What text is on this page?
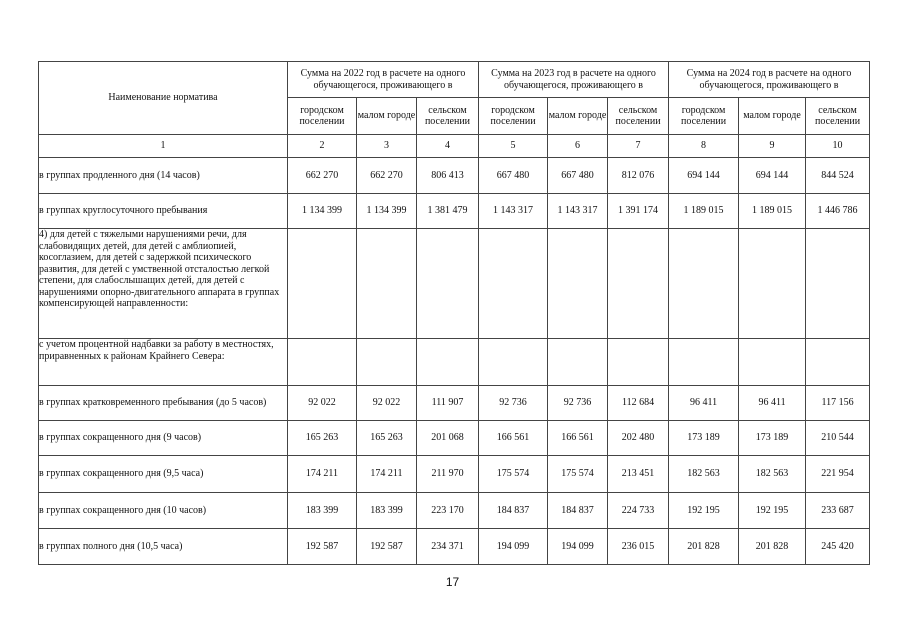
Наименование норматива	Сумма на 2022 год в расчете на одного обучающегося, проживающего в			Сумма на 2023 год в расчете на одного обучающегося, проживающего в			Сумма на 2024 год в расчете на одного обучающегося, проживающего в		
	городском поселении	малом городе	сельском поселении	городском поселении	малом городе	сельском поселении	городском поселении	малом городе	сельском поселении
1	2	3	4	5	6	7	8	9	10
в группах продленного дня (14 часов)	662 270	662 270	806 413	667 480	667 480	812 076	694 144	694 144	844 524
в группах круглосуточного пребывания	1 134 399	1 134 399	1 381 479	1 143 317	1 143 317	1 391 174	1 189 015	1 189 015	1 446 786
4) для детей с тяжелыми нарушениями речи, для слабовидящих детей, для детей с амблиопией, косоглазием, для детей с задержкой психического развития, для детей с умственной отсталостью легкой степени, для слабослышащих детей, для детей с нарушениями опорно-двигательного аппарата в группах компенсирующей направленности:									
с учетом процентной надбавки за работу в местностях, приравненных к районам Крайнего Севера:									
в группах кратковременного пребывания (до 5 часов)	92 022	92 022	111 907	92 736	92 736	112 684	96 411	96 411	117 156
в группах сокращенного дня (9 часов)	165 263	165 263	201 068	166 561	166 561	202 480	173 189	173 189	210 544
в группах сокращенного дня (9,5 часа)	174 211	174 211	211 970	175 574	175 574	213 451	182 563	182 563	221 954
в группах сокращенного дня (10 часов)	183 399	183 399	223 170	184 837	184 837	224 733	192 195	192 195	233 687
в группах полного дня (10,5 часа)	192 587	192 587	234 371	194 099	194 099	236 015	201 828	201 828	245 420
17
